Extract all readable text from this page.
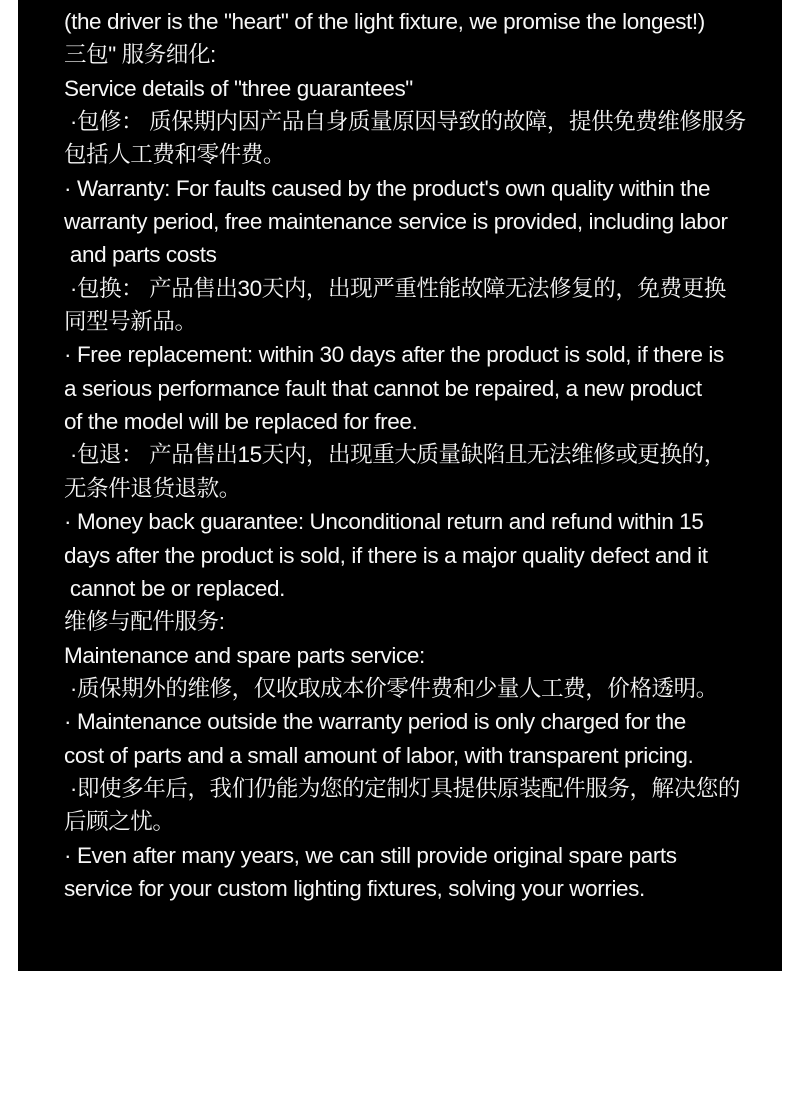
(the driver is the "heart" of the light fixture, we promise the longest!)
三包" 服务细化:
Service details of "three guarantees"
·包修： 质保期内因产品自身质量原因导致的故障，提供免费维修服务
包括人工费和零件费。
· Warranty: For faults caused by the product's own quality within the
warranty period, free maintenance service is provided, including labor
and parts costs
·包换： 产品售出30天内，出现严重性能故障无法修复的，免费更换
同型号新品。
· Free replacement: within 30 days after the product is sold, if there is
a serious performance fault that cannot be repaired, a new product
of the model will be replaced for free.
·包退： 产品售出15天内，出现重大质量缺陷且无法维修或更换的，
无条件退货退款。
· Money back guarantee: Unconditional return and refund within 15
days after the product is sold, if there is a major quality defect and it
cannot be or replaced.
维修与配件服务:
Maintenance and spare parts service:
·质保期外的维修，仅收取成本价零件费和少量人工费，价格透明。
· Maintenance outside the warranty period is only charged for the
cost of parts and a small amount of labor, with transparent pricing.
·即使多年后，我们仍能为您的定制灯具提供原装配件服务，解决您的
后顾之忧。
· Even after many years, we can still provide original spare parts
service for your custom lighting fixtures, solving your worries.
